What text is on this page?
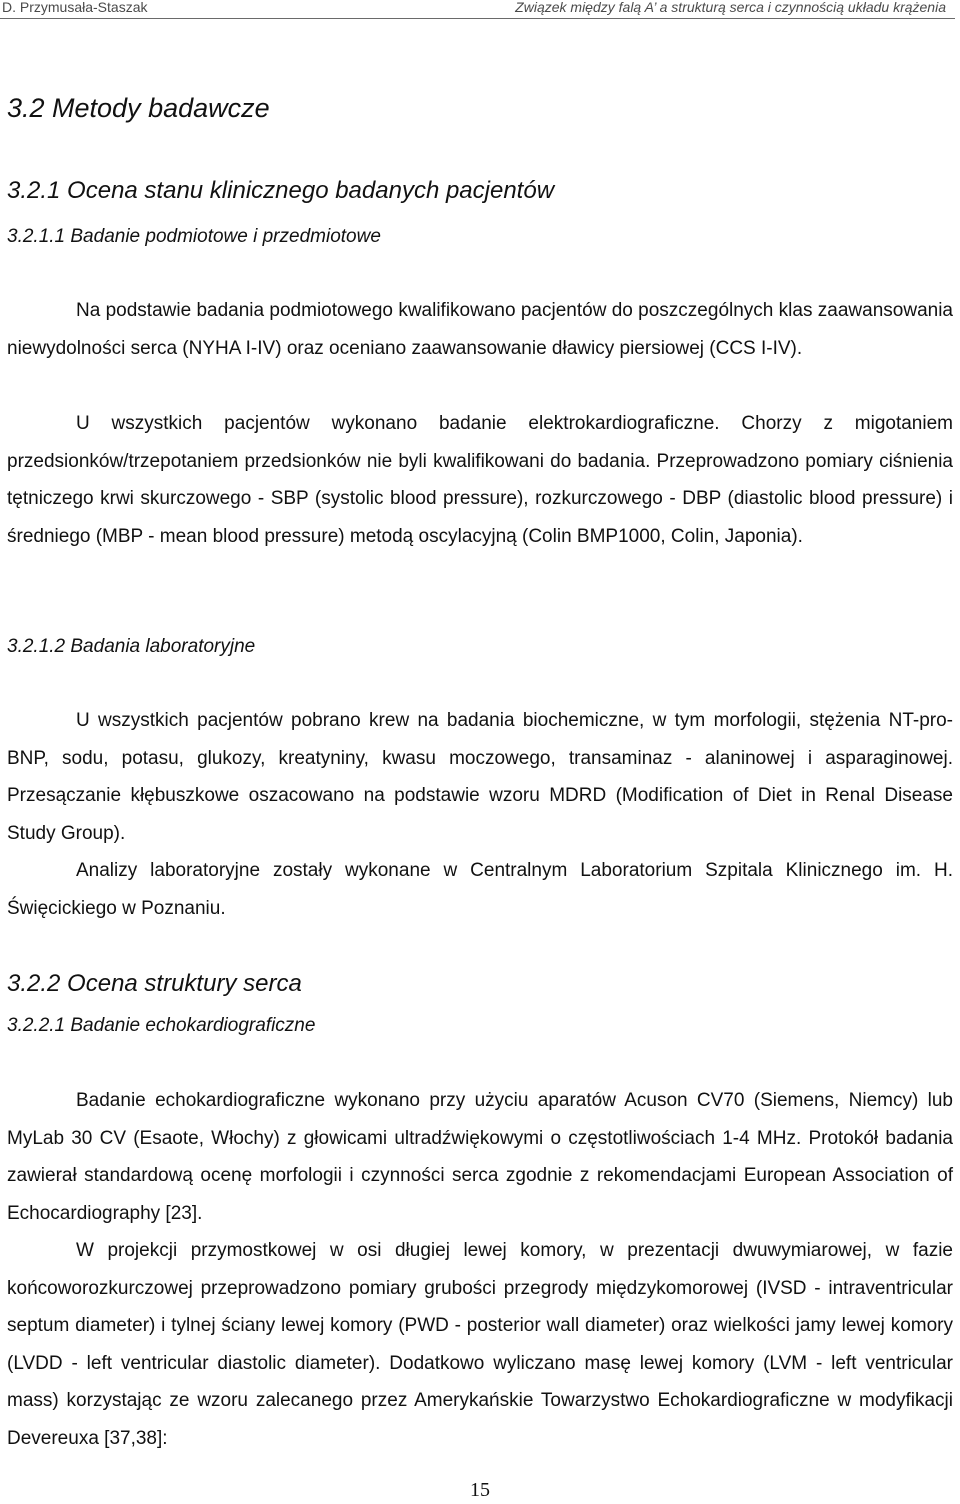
D. Przymusała-Staszak	Związek między falą A’ a strukturą serca i czynnością układu krążenia
3.2 Metody badawcze
3.2.1 Ocena stanu klinicznego badanych pacjentów
3.2.1.1 Badanie podmiotowe i przedmiotowe

Na podstawie badania podmiotowego kwalifikowano pacjentów do poszczególnych klas zaawansowania niewydolności serca (NYHA I-IV) oraz oceniano zaawansowanie dławicy piersiowej (CCS I-IV).

U wszystkich pacjentów wykonano badanie elektrokardiograficzne. Chorzy z migotaniem przedsionków/trzepotaniem przedsionków nie byli kwalifikowani do badania. Przeprowadzono pomiary ciśnienia tętniczego krwi skurczowego - SBP (systolic blood pressure), rozkurczowego - DBP (diastolic blood pressure) i średniego (MBP - mean blood pressure) metodą oscylacyjną (Colin BMP1000, Colin, Japonia).

3.2.1.2 Badania laboratoryjne

U wszystkich pacjentów pobrano krew na badania biochemiczne, w tym morfologii, stężenia NT-pro-BNP, sodu, potasu, glukozy, kreatyniny, kwasu moczowego, transaminaz - alaninowej i asparaginowej. Przesączanie kłębuszkowe oszacowano na podstawie wzoru MDRD (Modification of Diet in Renal Disease Study Group).

Analizy laboratoryjne zostały wykonane w Centralnym Laboratorium Szpitala Klinicznego im. H. Święcickiego w Poznaniu.

3.2.2 Ocena struktury serca
3.2.2.1 Badanie echokardiograficzne

Badanie echokardiograficzne wykonano przy użyciu aparatów Acuson CV70 (Siemens, Niemcy) lub MyLab 30 CV (Esaote, Włochy) z głowicami ultradźwiękowymi o częstotliwościach 1-4 MHz. Protokół badania zawierał standardową ocenę morfologii i czynności serca zgodnie z rekomendacjami European Association of Echocardiography [23].

W projekcji przymostkowej w osi długiej lewej komory, w prezentacji dwuwymiarowej, w fazie końcoworozkurczowej przeprowadzono pomiary grubości przegrody międzykomorowej (IVSD - intraventricular septum diameter) i tylnej ściany lewej komory (PWD - posterior wall diameter) oraz wielkości jamy lewej komory (LVDD - left ventricular diastolic diameter). Dodatkowo wyliczano masę lewej komory (LVM - left ventricular mass) korzystając ze wzoru zalecanego przez Amerykańskie Towarzystwo Echokardiograficzne w modyfikacji Devereuxa [37,38]:

15
